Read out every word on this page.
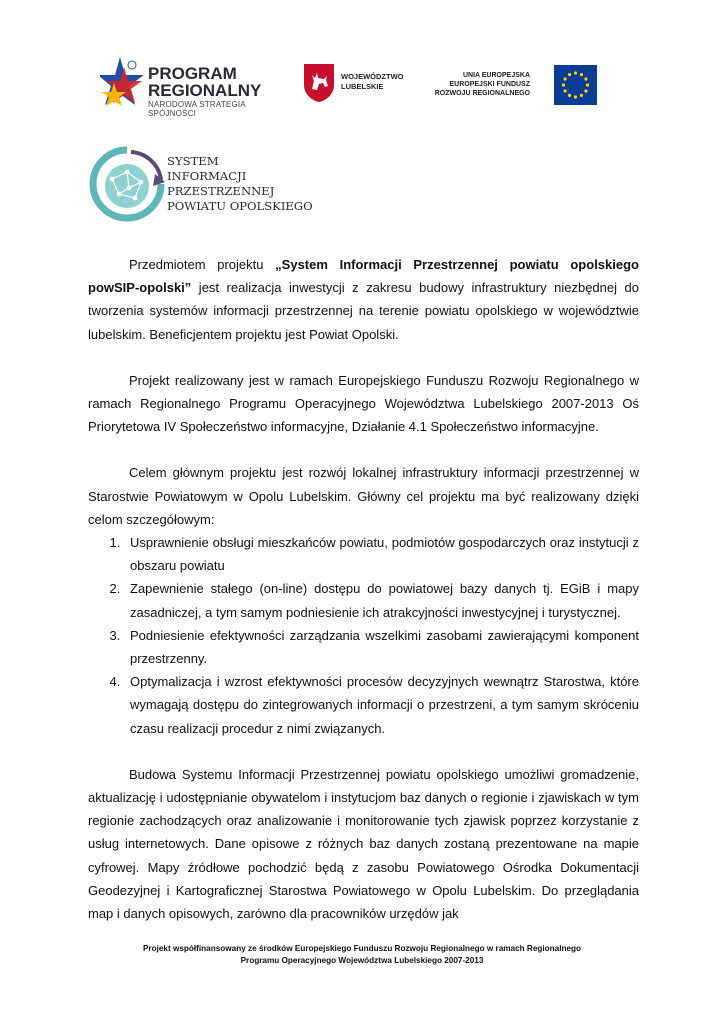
PROGRAM
REGIONALNY
NARODOWA STRATEGIA SPÓJNOŚCI
WOJEWÓDZTWO
LUBELSKIE
UNIA EUROPEJSKA
EUROPEJSKI FUNDUSZ
ROZWOJU REGIONALNEGO
SYSTEM
INFORMACJI
PRZESTRZENNEJ
POWIATU OPOLSKIEGO

Przedmiotem projektu „System Informacji Przestrzennej powiatu opolskiego powSIP-opolski” jest realizacja inwestycji z zakresu budowy infrastruktury niezbędnej do tworzenia systemów informacji przestrzennej na terenie powiatu opolskiego w województwie lubelskim. Beneficjentem projektu jest Powiat Opolski.

Projekt realizowany jest w ramach Europejskiego Funduszu Rozwoju Regionalnego w ramach Regionalnego Programu Operacyjnego Województwa Lubelskiego 2007-2013 Oś Priorytetowa IV Społeczeństwo informacyjne, Działanie 4.1 Społeczeństwo informacyjne.

Celem głównym projektu jest rozwój lokalnej infrastruktury informacji przestrzennej w Starostwie Powiatowym w Opolu Lubelskim. Główny cel projektu ma być realizowany dzięki celom szczegółowym:

1. Usprawnienie obsługi mieszkańców powiatu, podmiotów gospodarczych oraz instytucji z obszaru powiatu
2. Zapewnienie stałego (on-line) dostępu do powiatowej bazy danych tj. EGiB i mapy zasadniczej, a tym samym podniesienie ich atrakcyjności inwestycyjnej i turystycznej.
3. Podniesienie efektywności zarządzania wszelkimi zasobami zawierającymi komponent przestrzenny.
4. Optymalizacja i wzrost efektywności procesów decyzyjnych wewnątrz Starostwa, które wymagają dostępu do zintegrowanych informacji o przestrzeni, a tym samym skróceniu czasu realizacji procedur z nimi związanych.

Budowa Systemu Informacji Przestrzennej powiatu opolskiego umożliwi gromadzenie, aktualizację i udostępnianie obywatelom i instytucjom baz danych o regionie i zjawiskach w tym regionie zachodzących oraz analizowanie i monitorowanie tych zjawisk poprzez korzystanie z usług internetowych. Dane opisowe z różnych baz danych zostaną prezentowane na mapie cyfrowej. Mapy źródłowe pochodzić będą z zasobu Powiatowego Ośrodka Dokumentacji Geodezyjnej i Kartograficznej Starostwa Powiatowego w Opolu Lubelskim. Do przeglądania map i danych opisowych, zarówno dla pracowników urzędów jak

Projekt współfinansowany ze środków Europejskiego Funduszu Rozwoju Regionalnego w ramach Regionalnego
Programu Operacyjnego Województwa Lubelskiego 2007-2013
